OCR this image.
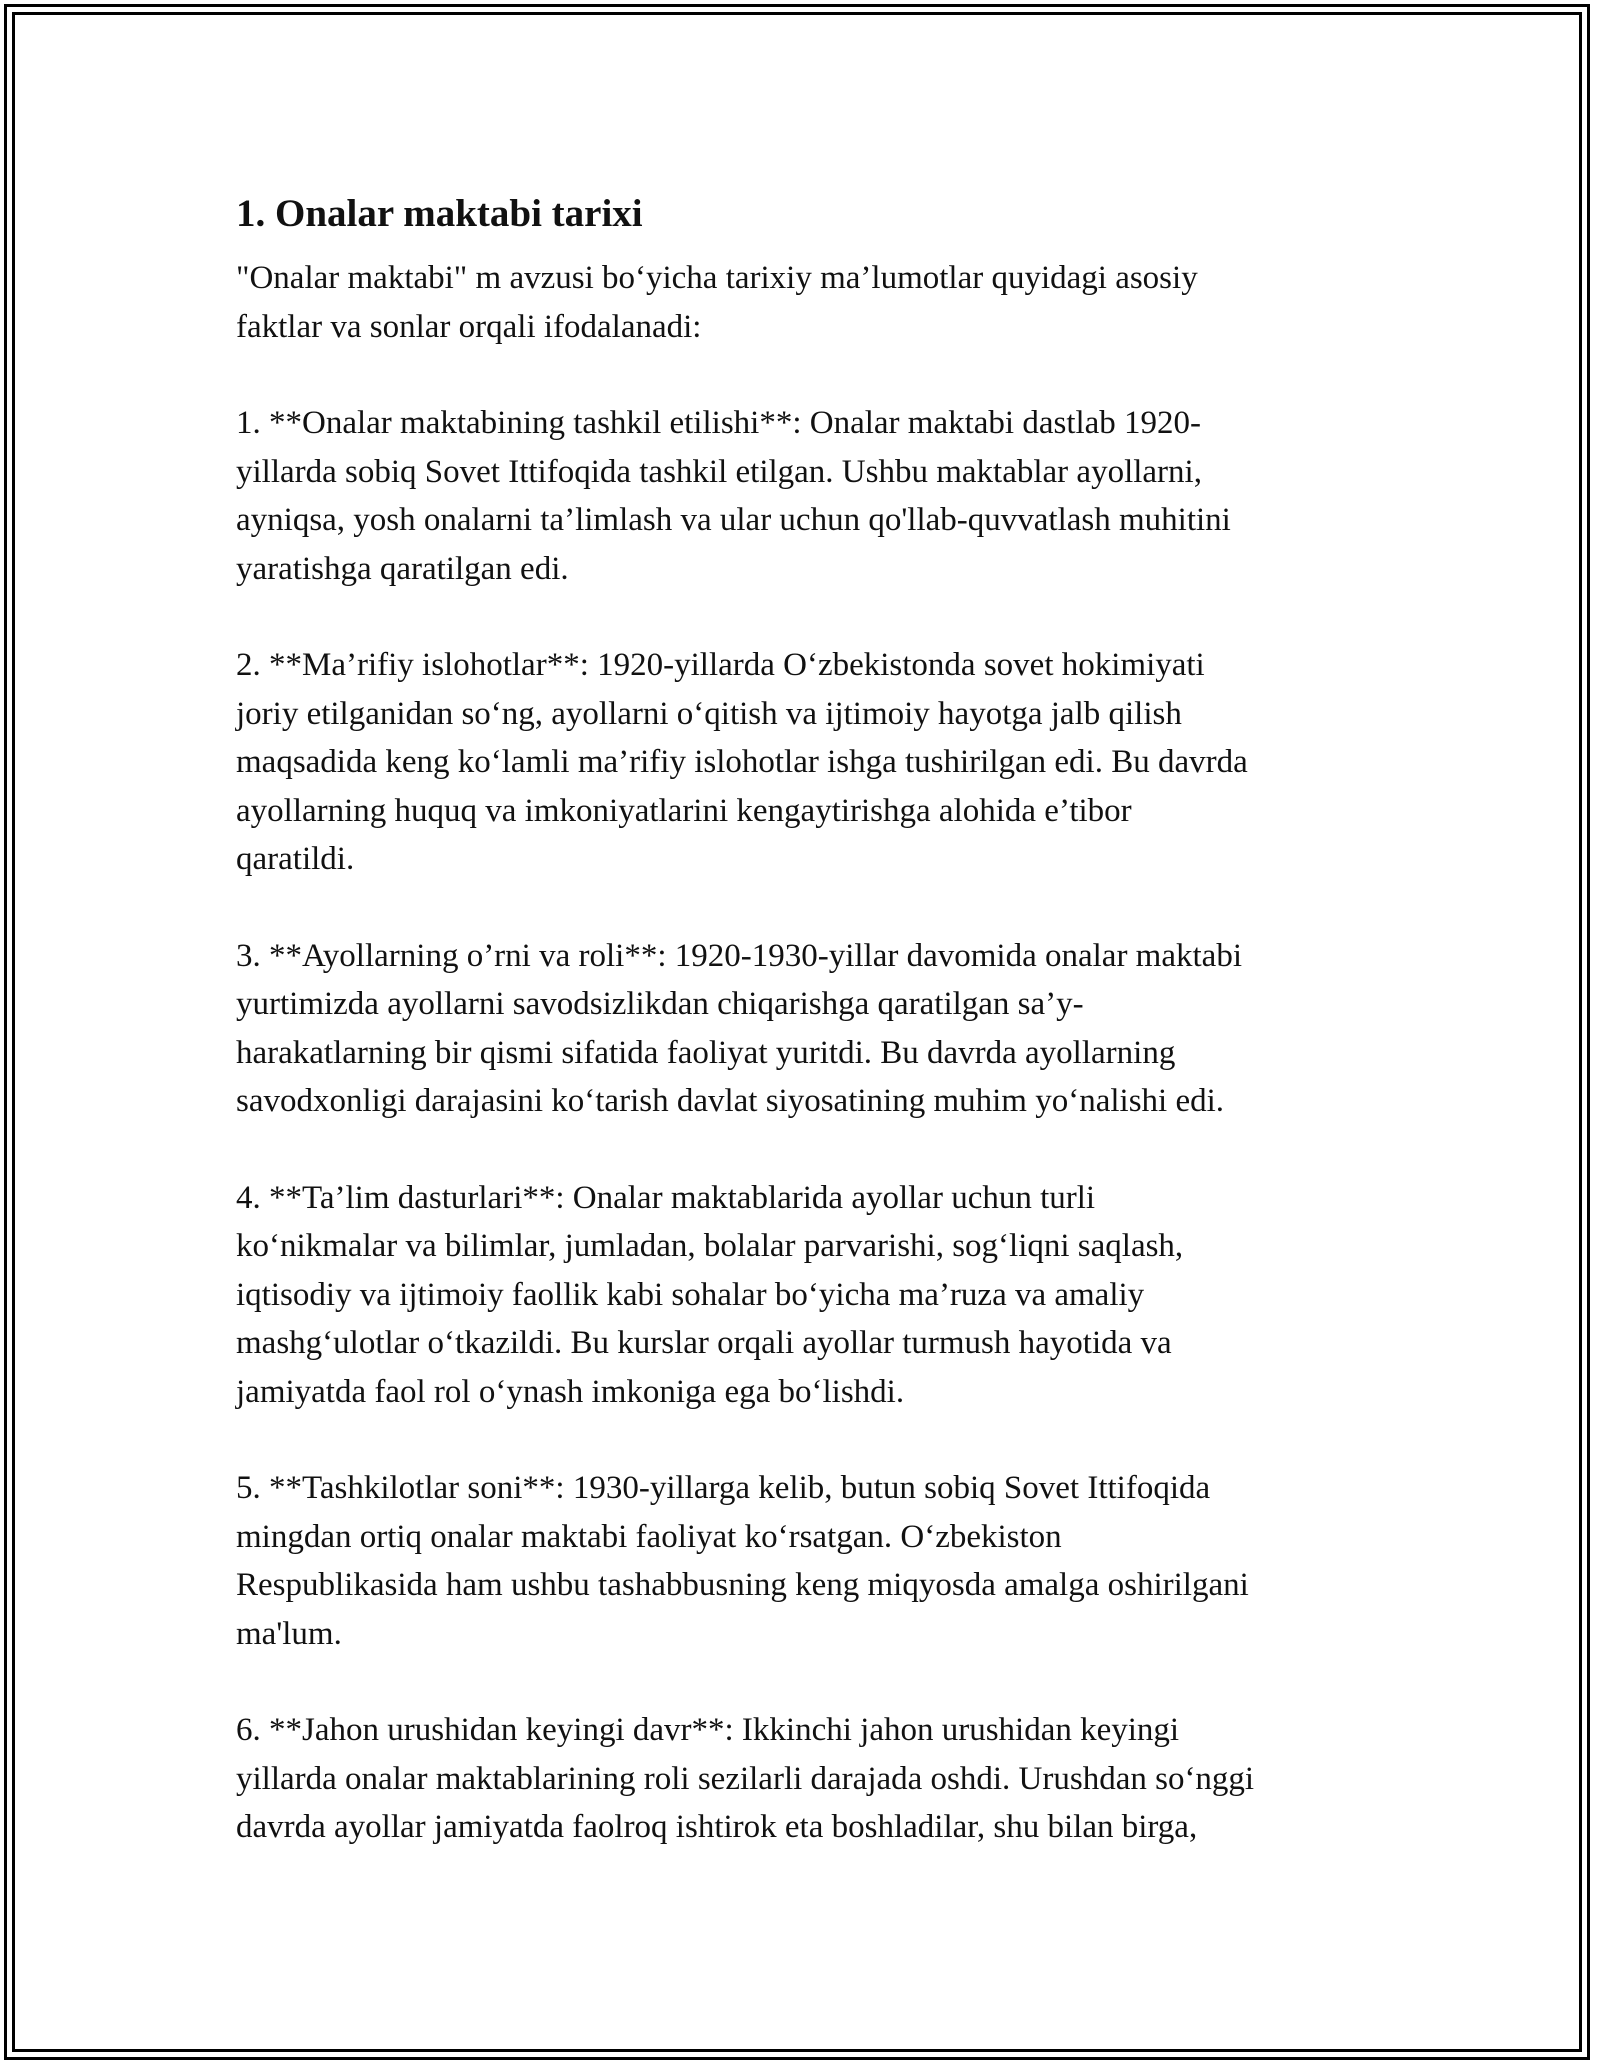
1. Onalar maktabi tarixi
"Onalar maktabi" m avzusi bo‘yicha tarixiy ma’lumotlar quyidagi asosiy
faktlar va sonlar orqali ifodalanadi:
1. **Onalar maktabining tashkil etilishi**: Onalar maktabi dastlab 1920-
yillarda sobiq Sovet Ittifoqida tashkil etilgan. Ushbu maktablar ayollarni,
ayniqsa, yosh onalarni ta’limlash va ular uchun qo'llab-quvvatlash muhitini
yaratishga qaratilgan edi.
2. **Ma’rifiy islohotlar**: 1920-yillarda O‘zbekistonda sovet hokimiyati
joriy etilganidan so‘ng, ayollarni o‘qitish va ijtimoiy hayotga jalb qilish
maqsadida keng ko‘lamli ma’rifiy islohotlar ishga tushirilgan edi. Bu davrda
ayollarning huquq va imkoniyatlarini kengaytirishga alohida e’tibor
qaratildi.
3. **Ayollarning o’rni va roli**: 1920-1930-yillar davomida onalar maktabi
yurtimizda ayollarni savodsizlikdan chiqarishga qaratilgan sa’y-
harakatlarning bir qismi sifatida faoliyat yuritdi. Bu davrda ayollarning
savodxonligi darajasini ko‘tarish davlat siyosatining muhim yo‘nalishi edi.
4. **Ta’lim dasturlari**: Onalar maktablarida ayollar uchun turli
ko‘nikmalar va bilimlar, jumladan, bolalar parvarishi, sog‘liqni saqlash,
iqtisodiy va ijtimoiy faollik kabi sohalar bo‘yicha ma’ruza va amaliy
mashg‘ulotlar o‘tkazildi. Bu kurslar orqali ayollar turmush hayotida va
jamiyatda faol rol o‘ynash imkoniga ega bo‘lishdi.
5. **Tashkilotlar soni**: 1930-yillarga kelib, butun sobiq Sovet Ittifoqida
mingdan ortiq onalar maktabi faoliyat ko‘rsatgan. O‘zbekiston
Respublikasida ham ushbu tashabbusning keng miqyosda amalga oshirilgani
ma'lum.
6. **Jahon urushidan keyingi davr**: Ikkinchi jahon urushidan keyingi
yillarda onalar maktablarining roli sezilarli darajada oshdi. Urushdan so‘nggi
davrda ayollar jamiyatda faolroq ishtirok eta boshladilar, shu bilan birga,
